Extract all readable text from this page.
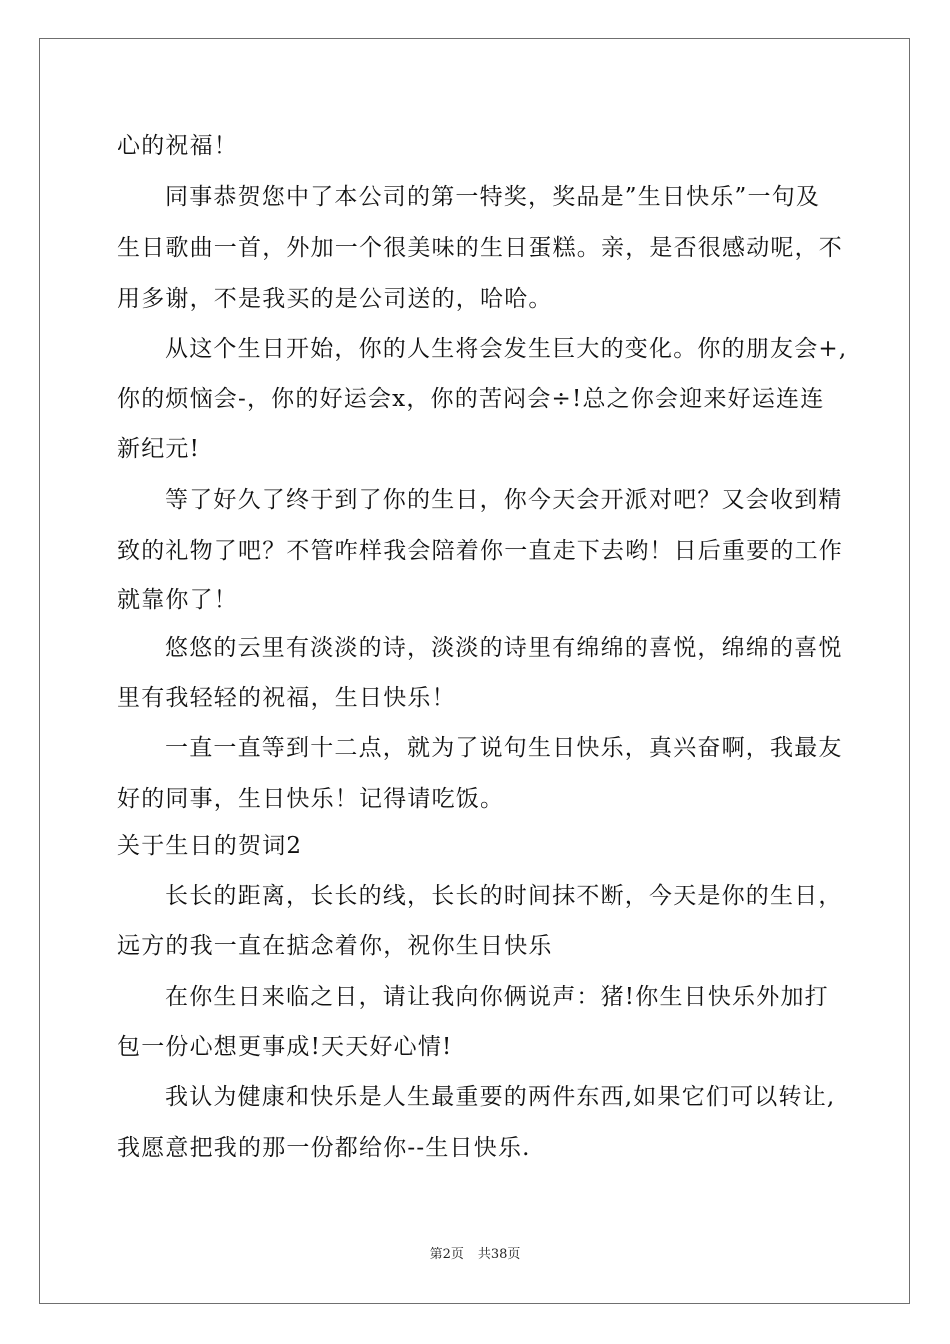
心的祝福！
同事恭贺您中了本公司的第一特奖，奖品是”生日快乐”一句及
生日歌曲一首，外加一个很美味的生日蛋糕。亲，是否很感动呢，不
用多谢，不是我买的是公司送的，哈哈。
从这个生日开始，你的人生将会发生巨大的变化。你的朋友会+,
你的烦恼会-，你的好运会x，你的苦闷会÷!总之你会迎来好运连连
新纪元!
等了好久了终于到了你的生日，你今天会开派对吧？又会收到精
致的礼物了吧？不管咋样我会陪着你一直走下去哟！日后重要的工作
就靠你了！
悠悠的云里有淡淡的诗，淡淡的诗里有绵绵的喜悦，绵绵的喜悦
里有我轻轻的祝福，生日快乐！
一直一直等到十二点，就为了说句生日快乐，真兴奋啊，我最友
好的同事，生日快乐！记得请吃饭。
关于生日的贺词2
长长的距离，长长的线，长长的时间抹不断，今天是你的生日，
远方的我一直在掂念着你，祝你生日快乐
在你生日来临之日，请让我向你俩说声：猪!你生日快乐外加打
包一份心想更事成!天天好心情!
我认为健康和快乐是人生最重要的两件东西,如果它们可以转让,
我愿意把我的那一份都给你--生日快乐.
第2页 共38页
